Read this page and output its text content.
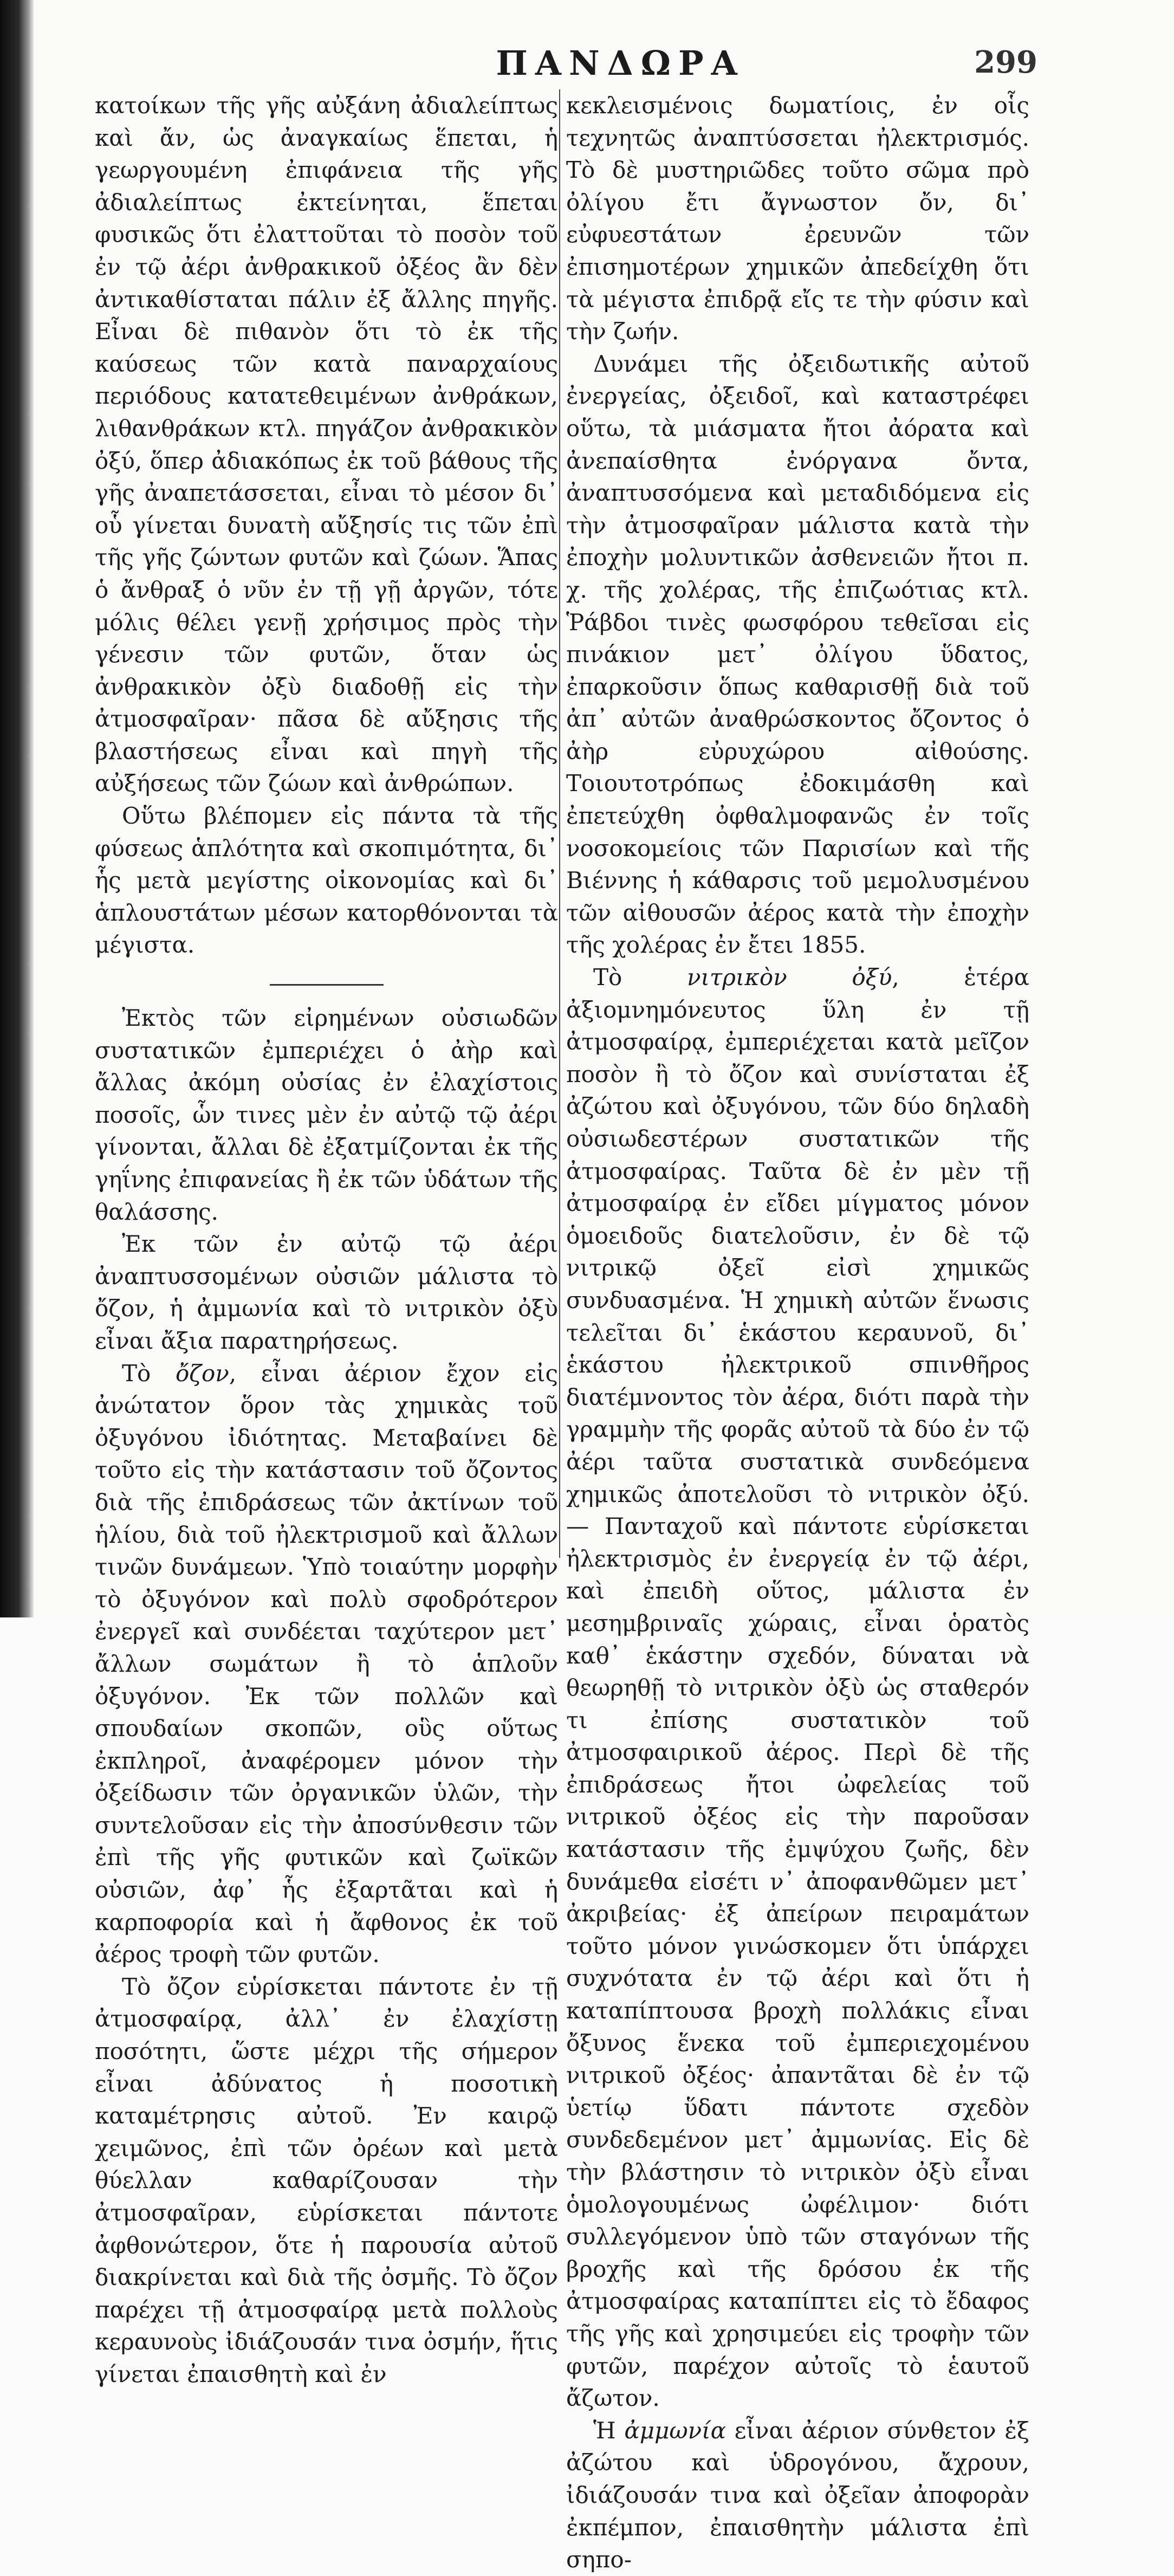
ΠΑΝΔΩΡΑ	299

κατοίκων τῆς γῆς αὐξάνη ἀδιαλείπτως καὶ ἄν, ὡς ἀναγκαίως ἕπεται, ἡ γεωργουμένη ἐπιφάνεια τῆς γῆς ἀδιαλείπτως ἐκτείνηται, ἕπεται φυσικῶς ὅτι ἐλαττοῦται τὸ ποσὸν τοῦ ἐν τῷ ἀέρι ἀνθρακικοῦ ὀξέος ἂν δὲν ἀντικαθίσταται πάλιν ἐξ ἄλλης πηγῆς. Εἶναι δὲ πιθανὸν ὅτι τὸ ἐκ τῆς καύσεως τῶν κατὰ παναρχαίους περιόδους κατατεθειμένων ἀνθράκων, λιθανθράκων κτλ. πηγάζον ἀνθρακικὸν ὀξύ, ὅπερ ἀδιακόπως ἐκ τοῦ βάθους τῆς γῆς ἀναπετάσσεται, εἶναι τὸ μέσον δι᾽ οὗ γίνεται δυνατὴ αὔξησίς τις τῶν ἐπὶ τῆς γῆς ζώντων φυτῶν καὶ ζώων. Ἅπας ὁ ἄνθραξ ὁ νῦν ἐν τῇ γῇ ἀργῶν, τότε μόλις θέλει γενῇ χρήσιμος πρὸς τὴν γένεσιν τῶν φυτῶν, ὅταν ὡς ἀνθρακικὸν ὀξὺ διαδοθῇ εἰς τὴν ἀτμοσφαῖραν· πᾶσα δὲ αὔξησις τῆς βλαστήσεως εἶναι καὶ πηγὴ τῆς αὐξήσεως τῶν ζώων καὶ ἀνθρώπων.

Οὕτω βλέπομεν εἰς πάντα τὰ τῆς φύσεως ἁπλότητα καὶ σκοπιμότητα, δι᾽ ἧς μετὰ μεγίστης οἰκονομίας καὶ δι᾽ ἁπλουστάτων μέσων κατορθόνονται τὰ μέγιστα.

Ἐκτὸς τῶν εἰρημένων οὐσιωδῶν συστατικῶν ἐμπεριέχει ὁ ἀὴρ καὶ ἄλλας ἀκόμη οὐσίας ἐν ἐλαχίστοις ποσοῖς, ὧν τινες μὲν ἐν αὐτῷ τῷ ἀέρι γίνονται, ἄλλαι δὲ ἐξατμίζονται ἐκ τῆς γηΐνης ἐπιφανείας ἢ ἐκ τῶν ὑδάτων τῆς θαλάσσης.

Ἐκ τῶν ἐν αὐτῷ τῷ ἀέρι ἀναπτυσσομένων οὐσιῶν μάλιστα τὸ ὄζον, ἡ ἀμμωνία καὶ τὸ νιτρικὸν ὀξὺ εἶναι ἄξια παρατηρήσεως.

Τὸ ὄζον, εἶναι ἀέριον ἔχον εἰς ἀνώτατον ὅρον τὰς χημικὰς τοῦ ὀξυγόνου ἰδιότητας. Μεταβαίνει δὲ τοῦτο εἰς τὴν κατάστασιν τοῦ ὄζοντος διὰ τῆς ἐπιδράσεως τῶν ἀκτίνων τοῦ ἡλίου, διὰ τοῦ ἠλεκτρισμοῦ καὶ ἄλλων τινῶν δυνάμεων. Ὑπὸ τοιαύτην μορφὴν τὸ ὀξυγόνον καὶ πολὺ σφοδρότερον ἐνεργεῖ καὶ συνδέεται ταχύτερον μετ᾽ ἄλλων σωμάτων ἢ τὸ ἁπλοῦν ὀξυγόνον. Ἐκ τῶν πολλῶν καὶ σπουδαίων σκοπῶν, οὓς οὕτως ἐκπληροῖ, ἀναφέρομεν μόνον τὴν ὀξείδωσιν τῶν ὀργανικῶν ὑλῶν, τὴν συντελοῦσαν εἰς τὴν ἀποσύνθεσιν τῶν ἐπὶ τῆς γῆς φυτικῶν καὶ ζωϊκῶν οὐσιῶν, ἀφ᾽ ἧς ἐξαρτᾶται καὶ ἡ καρποφορία καὶ ἡ ἄφθονος ἐκ τοῦ ἀέρος τροφὴ τῶν φυτῶν.

Τὸ ὄζον εὑρίσκεται πάντοτε ἐν τῇ ἀτμοσφαίρᾳ, ἀλλ᾽ ἐν ἐλαχίστῃ ποσότητι, ὥστε μέχρι τῆς σήμερον εἶναι ἀδύνατος ἡ ποσοτικὴ καταμέτρησις αὐτοῦ. Ἐν καιρῷ χειμῶνος, ἐπὶ τῶν ὀρέων καὶ μετὰ θύελλαν καθαρίζουσαν τὴν ἀτμοσφαῖραν, εὑρίσκεται πάντοτε ἀφθονώτερον, ὅτε ἡ παρουσία αὐτοῦ διακρίνεται καὶ διὰ τῆς ὀσμῆς. Τὸ ὄζον παρέχει τῇ ἀτμοσφαίρᾳ μετὰ πολλοὺς κεραυνοὺς ἰδιάζουσάν τινα ὀσμήν, ἥτις γίνεται ἐπαισθητὴ καὶ ἐν

κεκλεισμένοις δωματίοις, ἐν οἷς τεχνητῶς ἀναπτύσσεται ἠλεκτρισμός. Τὸ δὲ μυστηριῶδες τοῦτο σῶμα πρὸ ὀλίγου ἔτι ἄγνωστον ὄν, δι᾽ εὐφυεστάτων ἐρευνῶν τῶν ἐπισημοτέρων χημικῶν ἀπεδείχθη ὅτι τὰ μέγιστα ἐπιδρᾷ εἴς τε τὴν φύσιν καὶ τὴν ζωήν.

Δυνάμει τῆς ὀξειδωτικῆς αὐτοῦ ἐνεργείας, ὀξειδοῖ, καὶ καταστρέφει οὕτω, τὰ μιάσματα ἤτοι ἀόρατα καὶ ἀνεπαίσθητα ἐνόργανα ὄντα, ἀναπτυσσόμενα καὶ μεταδιδόμενα εἰς τὴν ἀτμοσφαῖραν μάλιστα κατὰ τὴν ἐποχὴν μολυντικῶν ἀσθενειῶν ἤτοι π. χ. τῆς χολέρας, τῆς ἐπιζωότιας κτλ. Ῥάβδοι τινὲς φωσφόρου τεθεῖσαι εἰς πινάκιον μετ᾽ ὀλίγου ὕδατος, ἐπαρκοῦσιν ὅπως καθαρισθῇ διὰ τοῦ ἀπ᾽ αὐτῶν ἀναθρώσκοντος ὄζοντος ὁ ἀὴρ εὐρυχώρου αἰθούσης. Τοιουτοτρόπως ἐδοκιμάσθη καὶ ἐπετεύχθη ὀφθαλμοφανῶς ἐν τοῖς νοσοκομείοις τῶν Παρισίων καὶ τῆς Βιέννης ἡ κάθαρσις τοῦ μεμολυσμένου τῶν αἰθουσῶν ἀέρος κατὰ τὴν ἐποχὴν τῆς χολέρας ἐν ἔτει 1855.

Τὸ νιτρικὸν ὀξύ, ἑτέρα ἀξιομνημόνευτος ὕλη ἐν τῇ ἀτμοσφαίρᾳ, ἐμπεριέχεται κατὰ μεῖζον ποσὸν ἢ τὸ ὄζον καὶ συνίσταται ἐξ ἀζώτου καὶ ὀξυγόνου, τῶν δύο δηλαδὴ οὐσιωδεστέρων συστατικῶν τῆς ἀτμοσφαίρας. Ταῦτα δὲ ἐν μὲν τῇ ἀτμοσφαίρᾳ ἐν εἴδει μίγματος μόνον ὁμοειδοῦς διατελοῦσιν, ἐν δὲ τῷ νιτρικῷ ὀξεῖ εἰσὶ χημικῶς συνδυασμένα. Ἡ χημικὴ αὐτῶν ἕνωσις τελεῖται δι᾽ ἑκάστου κεραυνοῦ, δι᾽ ἑκάστου ἠλεκτρικοῦ σπινθῆρος διατέμνοντος τὸν ἀέρα, διότι παρὰ τὴν γραμμὴν τῆς φορᾶς αὐτοῦ τὰ δύο ἐν τῷ ἀέρι ταῦτα συστατικὰ συνδεόμενα χημικῶς ἀποτελοῦσι τὸ νιτρικὸν ὀξύ. — Πανταχοῦ καὶ πάντοτε εὑρίσκεται ἠλεκτρισμὸς ἐν ἐνεργείᾳ ἐν τῷ ἀέρι, καὶ ἐπειδὴ οὕτος, μάλιστα ἐν μεσημβριναῖς χώραις, εἶναι ὁρατὸς καθ᾽ ἑκάστην σχεδόν, δύναται νὰ θεωρηθῇ τὸ νιτρικὸν ὀξὺ ὡς σταθερόν τι ἐπίσης συστατικὸν τοῦ ἀτμοσφαιρικοῦ ἀέρος. Περὶ δὲ τῆς ἐπιδράσεως ἤτοι ὠφελείας τοῦ νιτρικοῦ ὀξέος εἰς τὴν παροῦσαν κατάστασιν τῆς ἐμψύχου ζωῆς, δὲν δυνάμεθα εἰσέτι ν᾽ ἀποφανθῶμεν μετ᾽ ἀκριβείας· ἐξ ἀπείρων πειραμάτων τοῦτο μόνον γινώσκομεν ὅτι ὑπάρχει συχνότατα ἐν τῷ ἀέρι καὶ ὅτι ἡ καταπίπτουσα βροχὴ πολλάκις εἶναι ὄξυνος ἕνεκα τοῦ ἐμπεριεχομένου νιτρικοῦ ὀξέος· ἀπαντᾶται δὲ ἐν τῷ ὑετίῳ ὕδατι πάντοτε σχεδὸν συνδεδεμένον μετ᾽ ἀμμωνίας. Εἰς δὲ τὴν βλάστησιν τὸ νιτρικὸν ὀξὺ εἶναι ὁμολογουμένως ὠφέλιμον· διότι συλλεγόμενον ὑπὸ τῶν σταγόνων τῆς βροχῆς καὶ τῆς δρόσου ἐκ τῆς ἀτμοσφαίρας καταπίπτει εἰς τὸ ἔδαφος τῆς γῆς καὶ χρησιμεύει εἰς τροφὴν τῶν φυτῶν, παρέχον αὐτοῖς τὸ ἑαυτοῦ ἄζωτον.

Ἡ ἀμμωνία εἶναι ἀέριον σύνθετον ἐξ ἀζώτου καὶ ὑδρογόνου, ἄχρουν, ἰδιάζουσάν τινα καὶ ὀξεῖαν ἀποφορὰν ἐκπέμπον, ἐπαισθητὴν μάλιστα ἐπὶ σηπο-
